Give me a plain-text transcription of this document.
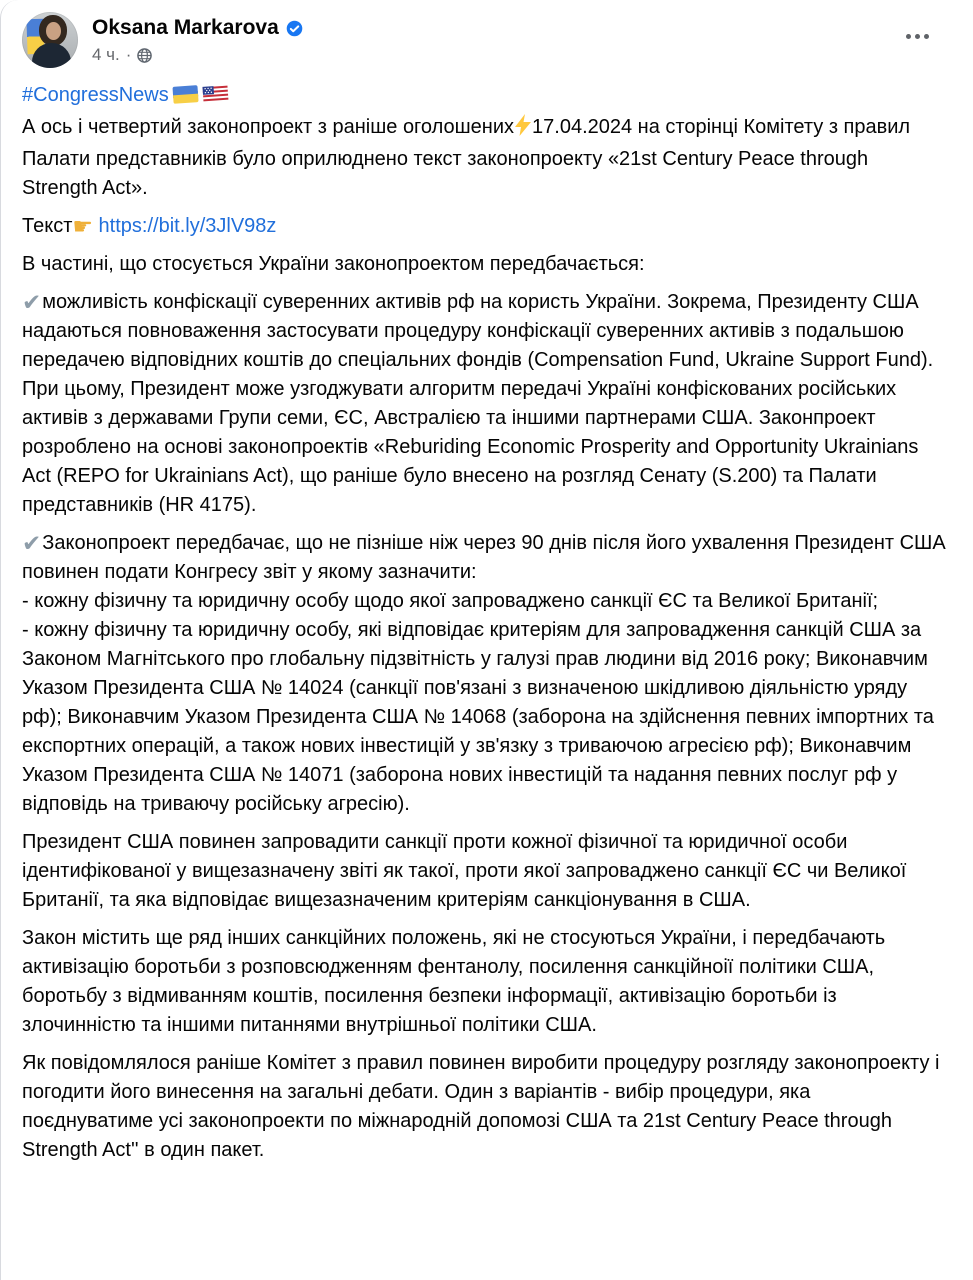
Oksana Markarova
4 ч. ·
#CongressNews
А ось і четвертий законопроект з раніше оголошених 17.04.2024 на сторінці Комітету з правил Палати представників було оприлюднено текст законопроекту «21st Century Peace through Strength Act».
Текст☛ https://bit.ly/3JlV98z
В частині, що стосується України законопроектом передбачається:
✔можливість конфіскації суверенних активів рф на користь України. Зокрема, Президенту США надаються повноваження застосувати процедуру конфіскації суверенних активів з подальшою передачею відповідних коштів до спеціальних фондів (Compensation Fund, Ukraine Support Fund). При цьому, Президент може узгоджувати алгоритм передачі Україні конфіскованих російських активів з державами Групи семи, ЄС, Австралією та іншими партнерами США. Законпроект розроблено на основі законопроектів «Reburiding Economic Prosperity and Opportunity Ukrainians Act (REPO for Ukrainians Act), що раніше було внесено на розгляд Сенату (S.200) та Палати представників (HR 4175).
✔Законопроект передбачає, що не пізніше ніж через 90 днів після його ухвалення Президент США повинен подати Конгресу звіт у якому зазначити:
- кожну фізичну та юридичну особу щодо якої запроваджено санкції ЄС та Великої Британії;
- кожну фізичну та юридичну особу, які відповідає критеріям для запровадження санкцій США за Законом Магнітського про глобальну підзвітність у галузі прав людини від 2016 року; Виконавчим Указом Президента США № 14024 (санкції пов'язані з визначеною шкідливою діяльністю уряду рф); Виконавчим Указом Президента США № 14068 (заборона на здійснення певних імпортних та експортних операцій, а також нових інвестицій у зв'язку з триваючою агресією рф); Виконавчим Указом Президента США № 14071 (заборона нових інвестицій та надання певних послуг рф у відповідь на триваючу російську агресію).
Президент США повинен запровадити санкції проти кожної фізичної та юридичної особи ідентифікованої у вищезазначену звіті як такої, проти якої запроваджено санкції ЄС чи Великої Британії, та яка відповідає вищезазначеним критеріям санкціонування в США.
Закон містить ще ряд інших санкційних положень, які не стосуються України, і передбачають активізацію боротьби з розповсюдженням фентанолу, посилення санкційноії політики США, боротьбу з відмиванням коштів, посилення безпеки інформації, активізацію боротьби із злочинністю та іншими питаннями внутрішньої політики США.
Як повідомлялося раніше Комітет з правил повинен виробити процедуру розгляду законопроекту і погодити його винесення на загальні дебати. Один з варіантів - вибір процедури, яка поєднуватиме усі законопроекти по міжнародній допомозі США та 21st Century Peace through Strength Act'' в один пакет.
